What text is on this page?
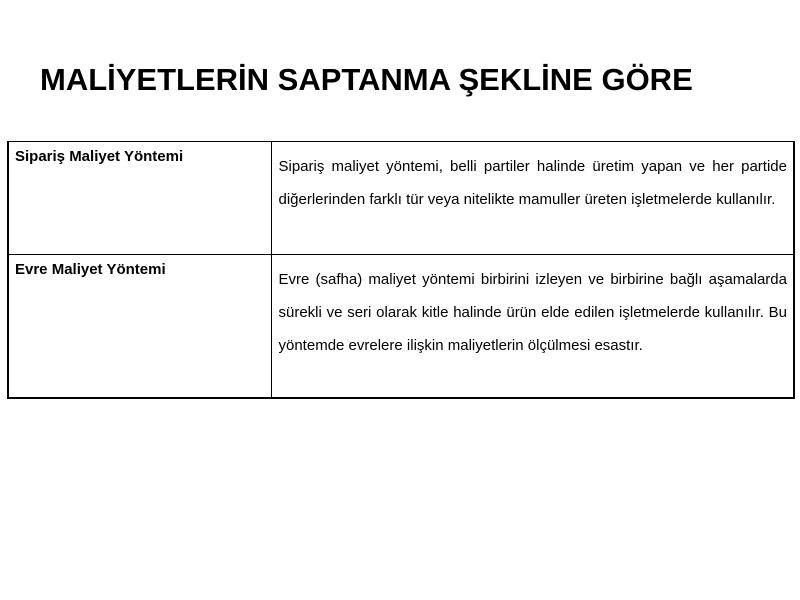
MALİYETLERİN SAPTANMA ŞEKLİNE GÖRE
Sipariş Maliyet Yöntemi	Sipariş maliyet yöntemi, belli partiler halinde üretim yapan ve her partide diğerlerinden farklı tür veya nitelikte mamuller üreten işletmelerde kullanılır.

Evre Maliyet Yöntemi	Evre (safha) maliyet yöntemi birbirini izleyen ve birbirine bağlı aşamalarda sürekli ve seri olarak kitle halinde ürün elde edilen işletmelerde kullanılır. Bu yöntemde evrelere ilişkin maliyetlerin ölçülmesi esastır.
